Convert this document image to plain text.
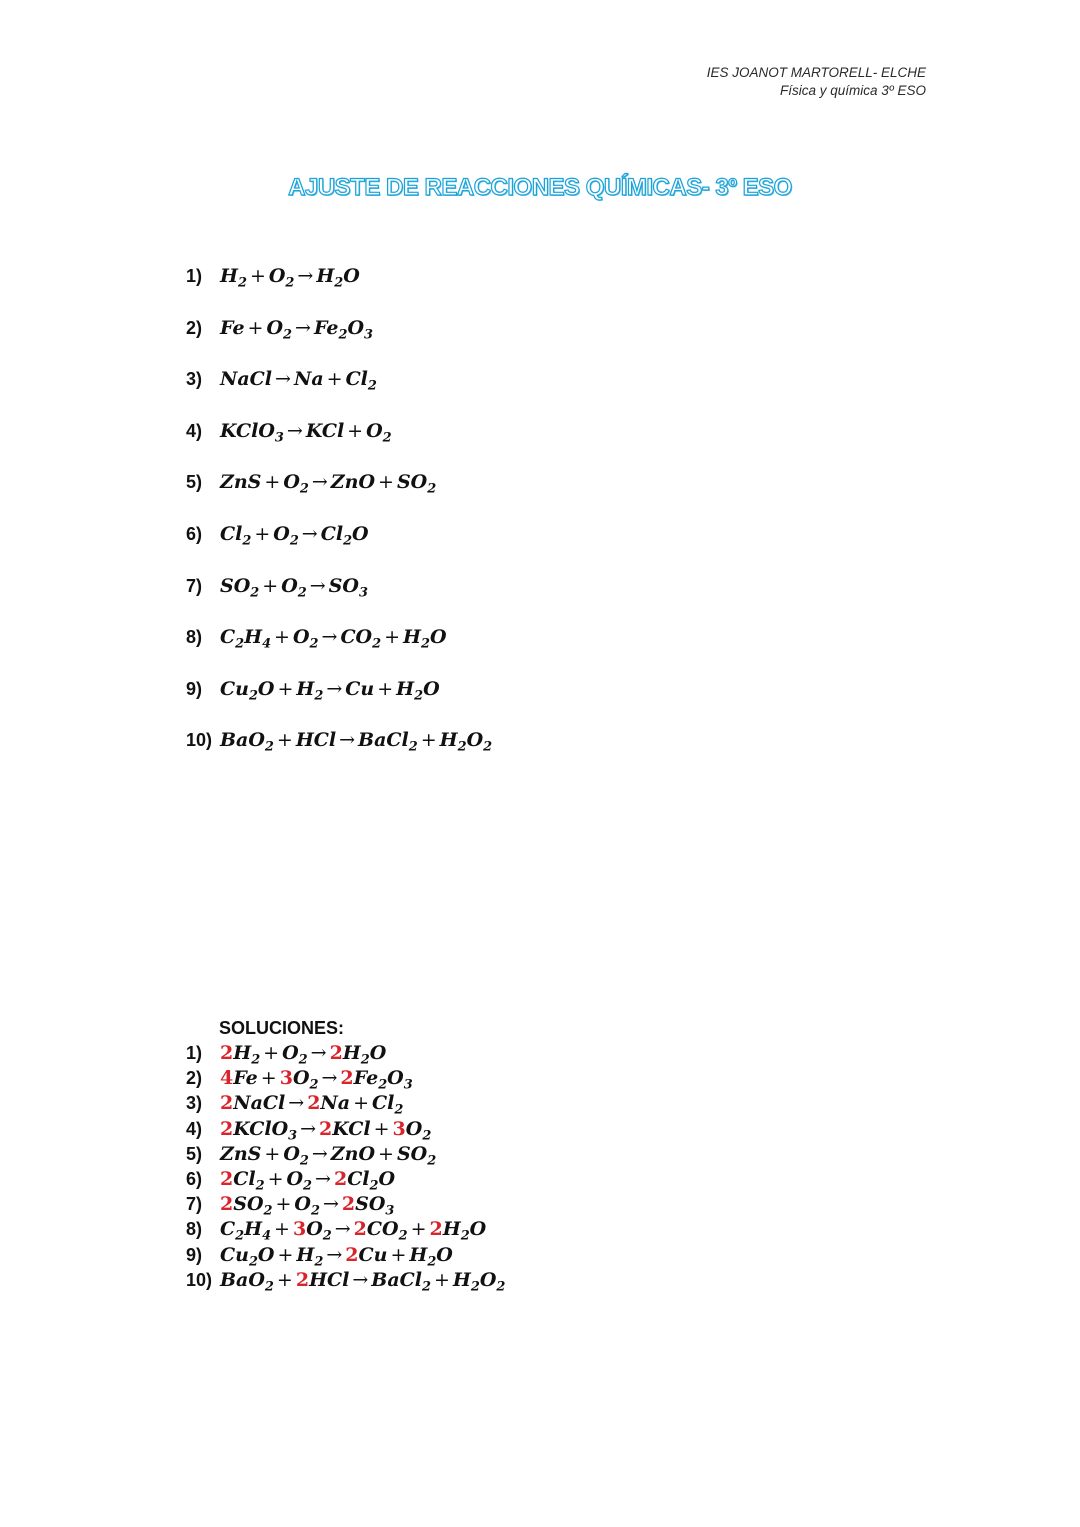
IES JOANOT MARTORELL- ELCHE
Física y química 3º ESO
AJUSTE DE REACCIONES QUÍMICAS- 3º ESO
1) $H_2 + O_2 \to H_2O$
2) $Fe + O_2 \to Fe_2O_3$
3) NaCl → $Na + Cl_2$
4) KClO$_3$ → KCl + $O_2$
5) ZnS + $O_2$ → ZnO + $SO_2$
6) $Cl_2 + O_2 \to Cl_2O$
7) $SO_2 + O_2 \to SO_3$
8) $C_2H_4 + O_2 \to CO_2 + H_2O$
9) $Cu_2O + H_2 \to Cu + H_2O$
10) BaO$_2$ + HCl → BaCl$_2$ + $H_2O_2$
SOLUCIONES:
1) $2H_2 + O_2 \to 2H_2O$
2) $4Fe + 3O_2 \to 2Fe_2O_3$
3) 2NaCl → $2Na + Cl_2$
4) 2KClO$_3$ → $2KCl + 3O_2$
5) ZnS + $O_2$ → ZnO + $SO_2$
6) $2Cl_2 + O_2 \to 2Cl_2O$
7) $2SO_2 + O_2 \to 2SO_3$
8) $C_2H_4 + 3O_2 \to 2CO_2 + 2H_2O$
9) $Cu_2O + H_2 \to 2Cu + H_2O$
10) BaO$_2$ + 2HCl → BaCl$_2$ + $H_2O_2$
